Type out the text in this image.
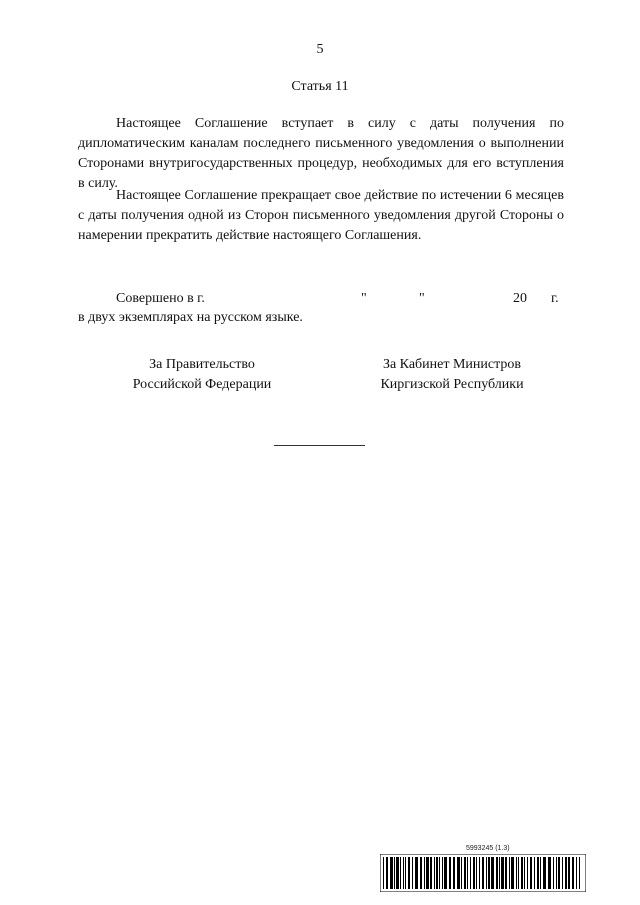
5
Статья 11

Настоящее Соглашение вступает в силу с даты получения по дипломатическим каналам последнего письменного уведомления о выполнении Сторонами внутригосударственных процедур, необходимых для его вступления в силу.

Настоящее Соглашение прекращает свое действие по истечении 6 месяцев с даты получения одной из Сторон письменного уведомления другой Стороны о намерении прекратить действие настоящего Соглашения.

Совершено в г.	"	"	20 г.
в двух экземплярах на русском языке.
За Правительство
Российской Федерации
За Кабинет Министров
Киргизской Республики
5993245 (1.3)
